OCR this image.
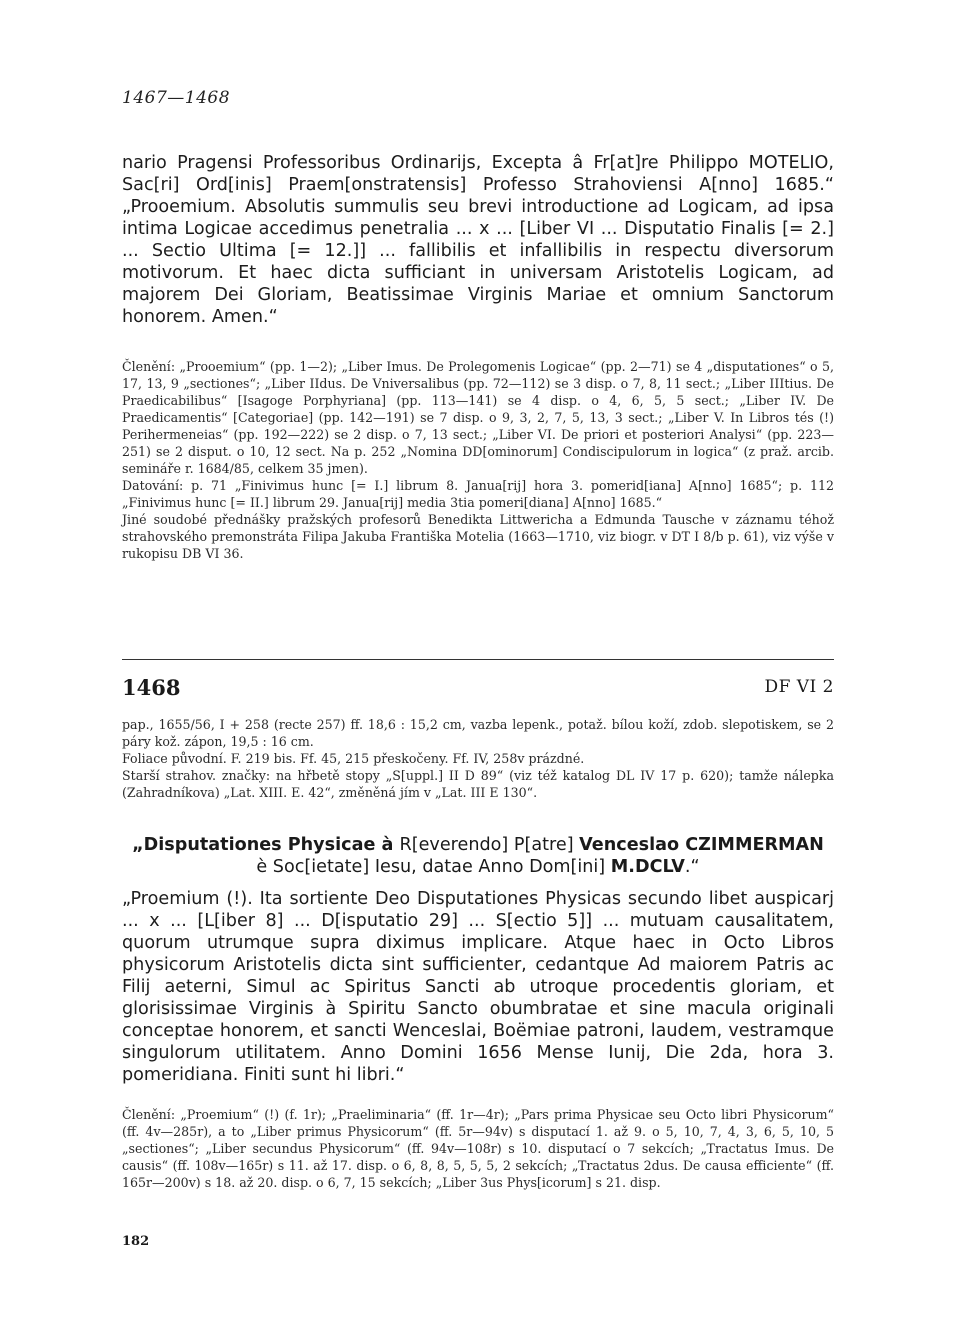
1467—1468

nario Pragensi Professoribus Ordinarijs, Excepta â Fr[at]re Philippo MOTELIO, Sac[ri] Ord[inis] Praem[onstratensis] Professo Strahoviensi A[nno] 1685.“ „Prooemium. Absolutis summulis seu brevi introductione ad Logicam, ad ipsa intima Logicae accedimus penetralia ... x ... [Liber VI ... Disputatio Finalis [= 2.] ... Sectio Ultima [= 12.]] ... fallibilis et infallibilis in respectu diversorum motivorum. Et haec dicta sufficiant in universam Aristotelis Logicam, ad majorem Dei Gloriam, Beatissimae Virginis Mariae et omnium Sanctorum honorem. Amen.“

Členění: „Prooemium“ (pp. 1—2); „Liber Imus. De Prolegomenis Logicae“ (pp. 2—71) se 4 „disputationes“ o 5, 17, 13, 9 „sectiones“; „Liber IIdus. De Vniversalibus (pp. 72—112) se 3 disp. o 7, 8, 11 sect.; „Liber IIItius. De Praedicabilibus“ [Isagoge Porphyriana] (pp. 113—141) se 4 disp. o 4, 6, 5, 5 sect.; „Liber IV. De Praedicamentis“ [Categoriae] (pp. 142—191) se 7 disp. o 9, 3, 2, 7, 5, 13, 3 sect.; „Liber V. In Libros tés (!) Perihermeneias“ (pp. 192—222) se 2 disp. o 7, 13 sect.; „Liber VI. De priori et posteriori Analysi“ (pp. 223—251) se 2 disput. o 10, 12 sect. Na p. 252 „Nomina DD[ominorum] Condiscipulorum in logica“ (z praž. arcib. semináře r. 1684/85, celkem 35 jmen).

Datování: p. 71 „Finivimus hunc [= I.] librum 8. Janua[rij] hora 3. pomerid[iana] A[nno] 1685“; p. 112 „Finivimus hunc [= II.] librum 29. Janua[rij] media 3tia pomeri[diana] A[nno] 1685.“

Jiné soudobé přednášky pražských profesorů Benedikta Littwericha a Edmunda Tausche v záznamu téhož strahovského premonstráta Filipa Jakuba Františka Motelia (1663—1710, viz biogr. v DT I 8/b p. 61), viz výše v rukopisu DB VI 36.

1468	DF VI 2

pap., 1655/56, I + 258 (recte 257) ff. 18,6 : 15,2 cm, vazba lepenk., potaž. bílou koží, zdob. slepotiskem, se 2 páry kož. zápon, 19,5 : 16 cm.

Foliace původní. F. 219 bis. Ff. 45, 215 přeskočeny. Ff. IV, 258v prázdné.

Starší strahov. značky: na hřbetě stopy „S[uppl.] II D 89“ (viz též katalog DL IV 17 p. 620); tamže nálepka (Zahradníkova) „Lat. XIII. E. 42“, změněná jím v „Lat. III E 130“.

„Disputationes Physicae à R[everendo] P[atre] Venceslao CZIMMERMAN
è Soc[ietate] Iesu, datae Anno Dom[ini] M.DCLV.“

„Proemium (!). Ita sortiente Deo Disputationes Physicas secundo libet auspicarj ... x ... [L[iber 8] ... D[isputatio 29] ... S[ectio 5]] ... mutuam causalitatem, quorum utrumque supra diximus implicare. Atque haec in Octo Libros physicorum Aristotelis dicta sint sufficienter, cedantque Ad maiorem Patris ac Filij aeterni, Simul ac Spiritus Sancti ab utroque procedentis gloriam, et glorisissimae Virginis à Spiritu Sancto obumbratae et sine macula originali conceptae honorem, et sancti Wenceslai, Boëmiae patroni, laudem, vestramque singulorum utilitatem. Anno Domini 1656 Mense Iunij, Die 2da, hora 3. pomeridiana. Finiti sunt hi libri.“

Členění: „Proemium“ (!) (f. 1r); „Praeliminaria“ (ff. 1r—4r); „Pars prima Physicae seu Octo libri Physicorum“ (ff. 4v—285r), a to „Liber primus Physicorum“ (ff. 5r—94v) s disputací 1. až 9. o 5, 10, 7, 4, 3, 6, 5, 10, 5 „sectiones“; „Liber secundus Physicorum“ (ff. 94v—108r) s 10. disputací o 7 sekcích; „Tractatus Imus. De causis“ (ff. 108v—165r) s 11. až 17. disp. o 6, 8, 8, 5, 5, 5, 2 sekcích; „Tractatus 2dus. De causa efficiente“ (ff. 165r—200v) s 18. až 20. disp. o 6, 7, 15 sekcích; „Liber 3us Phys[icorum] s 21. disp.

182
